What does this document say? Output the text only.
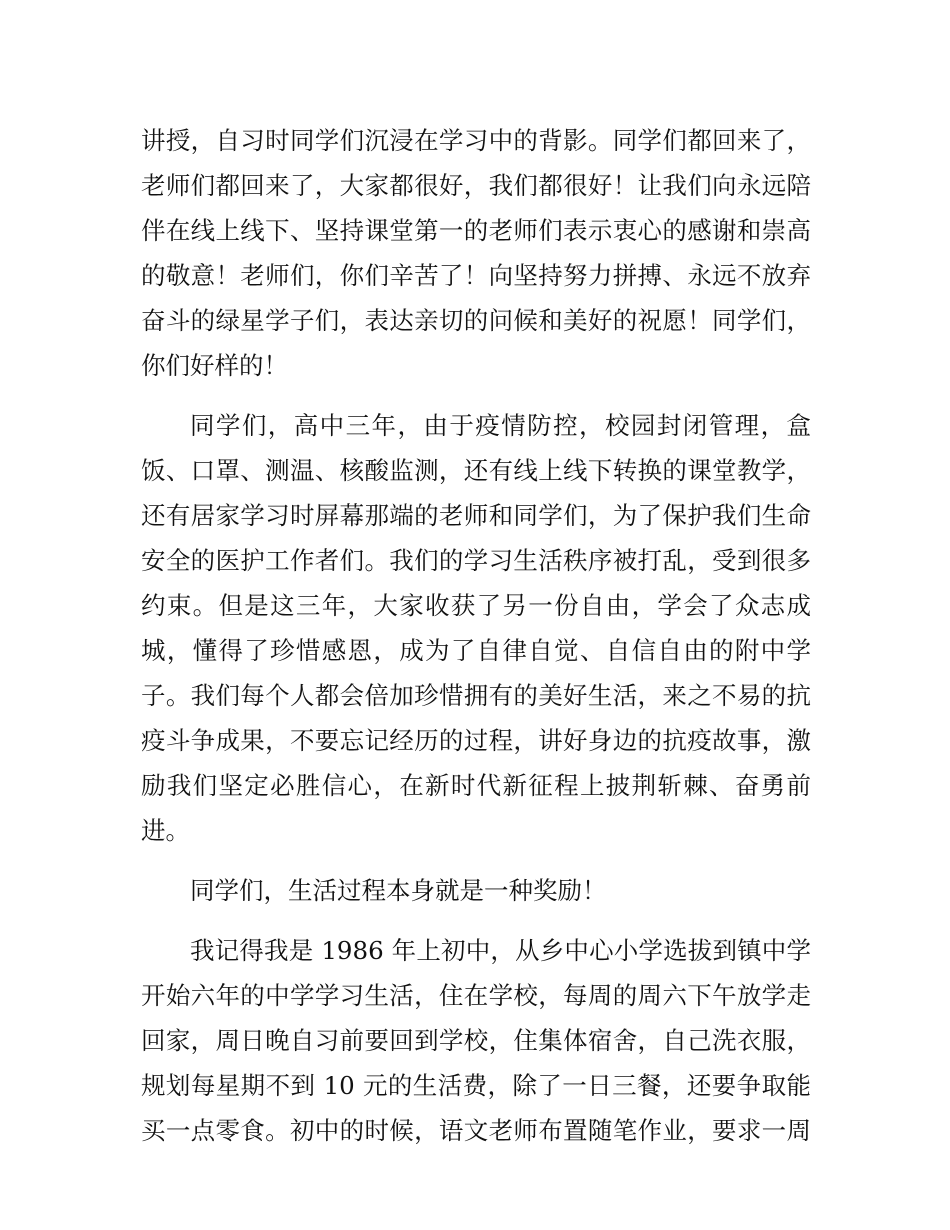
讲授，自习时同学们沉浸在学习中的背影。同学们都回来了，
老师们都回来了，大家都很好，我们都很好！让我们向永远陪
伴在线上线下、坚持课堂第一的老师们表示衷心的感谢和崇高
的敬意！老师们，你们辛苦了！向坚持努力拼搏、永远不放弃
奋斗的绿星学子们，表达亲切的问候和美好的祝愿！同学们，
你们好样的！
同学们，高中三年，由于疫情防控，校园封闭管理，盒
饭、口罩、测温、核酸监测，还有线上线下转换的课堂教学，
还有居家学习时屏幕那端的老师和同学们，为了保护我们生命
安全的医护工作者们。我们的学习生活秩序被打乱，受到很多
约束。但是这三年，大家收获了另一份自由，学会了众志成
城，懂得了珍惜感恩，成为了自律自觉、自信自由的附中学
子。我们每个人都会倍加珍惜拥有的美好生活，来之不易的抗
疫斗争成果，不要忘记经历的过程，讲好身边的抗疫故事，激
励我们坚定必胜信心，在新时代新征程上披荆斩棘、奋勇前
进。
同学们，生活过程本身就是一种奖励！
我记得我是 1986 年上初中，从乡中心小学选拔到镇中学
开始六年的中学学习生活，住在学校，每周的周六下午放学走
回家，周日晚自习前要回到学校，住集体宿舍，自己洗衣服，
规划每星期不到 10 元的生活费，除了一日三餐，还要争取能
买一点零食。初中的时候，语文老师布置随笔作业，要求一周
